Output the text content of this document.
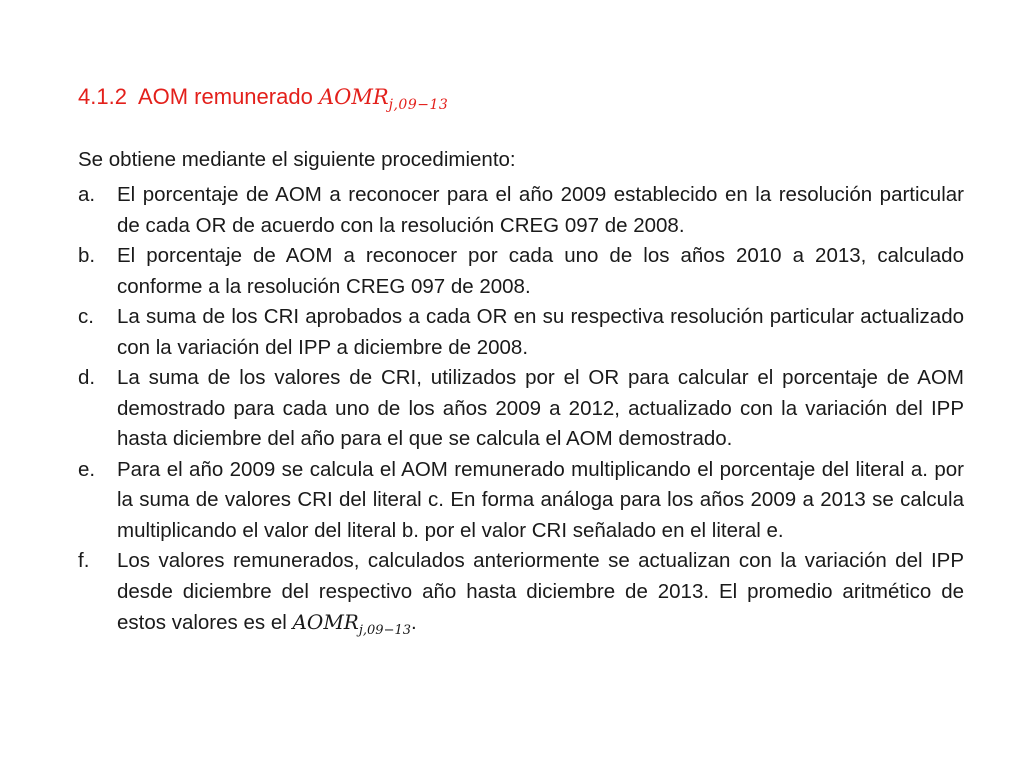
4.1.2 AOM remunerado $AOMR_{j,09-13}$
Se obtiene mediante el siguiente procedimiento:
a. El porcentaje de AOM a reconocer para el año 2009 establecido en la resolución particular de cada OR de acuerdo con la resolución CREG 097 de 2008.
b. El porcentaje de AOM a reconocer por cada uno de los años 2010 a 2013, calculado conforme a la resolución CREG 097 de 2008.
c. La suma de los CRI aprobados a cada OR en su respectiva resolución particular actualizado con la variación del IPP a diciembre de 2008.
d. La suma de los valores de CRI, utilizados por el OR para calcular el porcentaje de AOM demostrado para cada uno de los años 2009 a 2012, actualizado con la variación del IPP hasta diciembre del año para el que se calcula el AOM demostrado.
e. Para el año 2009 se calcula el AOM remunerado multiplicando el porcentaje del literal a. por la suma de valores CRI del literal c. En forma análoga para los años 2009 a 2013 se calcula multiplicando el valor del literal b. por el valor CRI señalado en el literal e.
f. Los valores remunerados, calculados anteriormente se actualizan con la variación del IPP desde diciembre del respectivo año hasta diciembre de 2013. El promedio aritmético de estos valores es el $AOMR_{j,09-13}$.
